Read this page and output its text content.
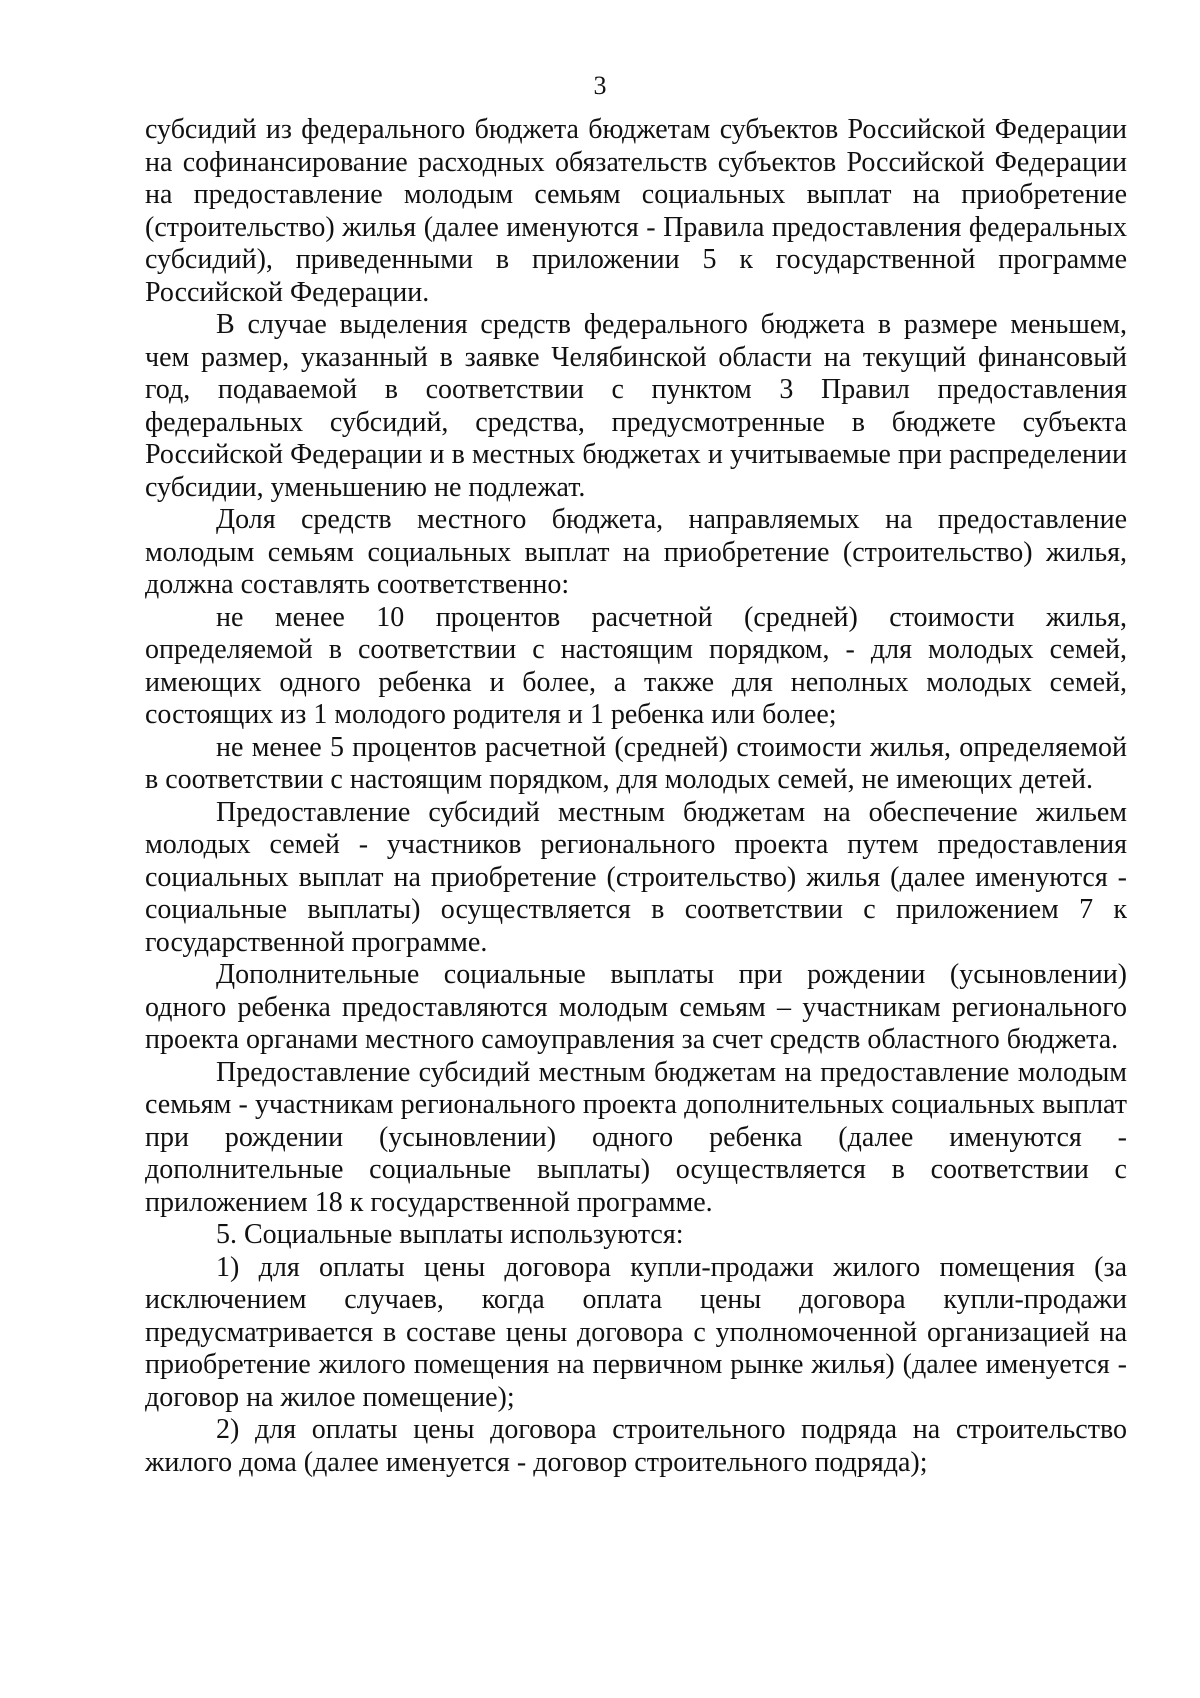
3

субсидий из федерального бюджета бюджетам субъектов Российской Федерации на софинансирование расходных обязательств субъектов Российской Федерации на предоставление молодым семьям социальных выплат на приобретение (строительство) жилья (далее именуются - Правила предоставления федеральных субсидий), приведенными в приложении 5 к государственной программе Российской Федерации.

В случае выделения средств федерального бюджета в размере меньшем, чем размер, указанный в заявке Челябинской области на текущий финансовый год, подаваемой в соответствии с пунктом 3 Правил предоставления федеральных субсидий, средства, предусмотренные в бюджете субъекта Российской Федерации и в местных бюджетах и учитываемые при распределении субсидии, уменьшению не подлежат.

Доля средств местного бюджета, направляемых на предоставление молодым семьям социальных выплат на приобретение (строительство) жилья, должна составлять соответственно:

не менее 10 процентов расчетной (средней) стоимости жилья, определяемой в соответствии с настоящим порядком, - для молодых семей, имеющих одного ребенка и более, а также для неполных молодых семей, состоящих из 1 молодого родителя и 1 ребенка или более;

не менее 5 процентов расчетной (средней) стоимости жилья, определяемой в соответствии с настоящим порядком, для молодых семей, не имеющих детей.

Предоставление субсидий местным бюджетам на обеспечение жильем молодых семей - участников регионального проекта путем предоставления социальных выплат на приобретение (строительство) жилья (далее именуются - социальные выплаты) осуществляется в соответствии с приложением 7 к государственной программе.

Дополнительные социальные выплаты при рождении (усыновлении) одного ребенка предоставляются молодым семьям – участникам регионального проекта органами местного самоуправления за счет средств областного бюджета.

Предоставление субсидий местным бюджетам на предоставление молодым семьям - участникам регионального проекта дополнительных социальных выплат при рождении (усыновлении) одного ребенка (далее именуются - дополнительные социальные выплаты) осуществляется в соответствии с приложением 18 к государственной программе.

5. Социальные выплаты используются:

1) для оплаты цены договора купли-продажи жилого помещения (за исключением случаев, когда оплата цены договора купли-продажи предусматривается в составе цены договора с уполномоченной организацией на приобретение жилого помещения на первичном рынке жилья) (далее именуется - договор на жилое помещение);

2) для оплаты цены договора строительного подряда на строительство жилого дома (далее именуется - договор строительного подряда);
